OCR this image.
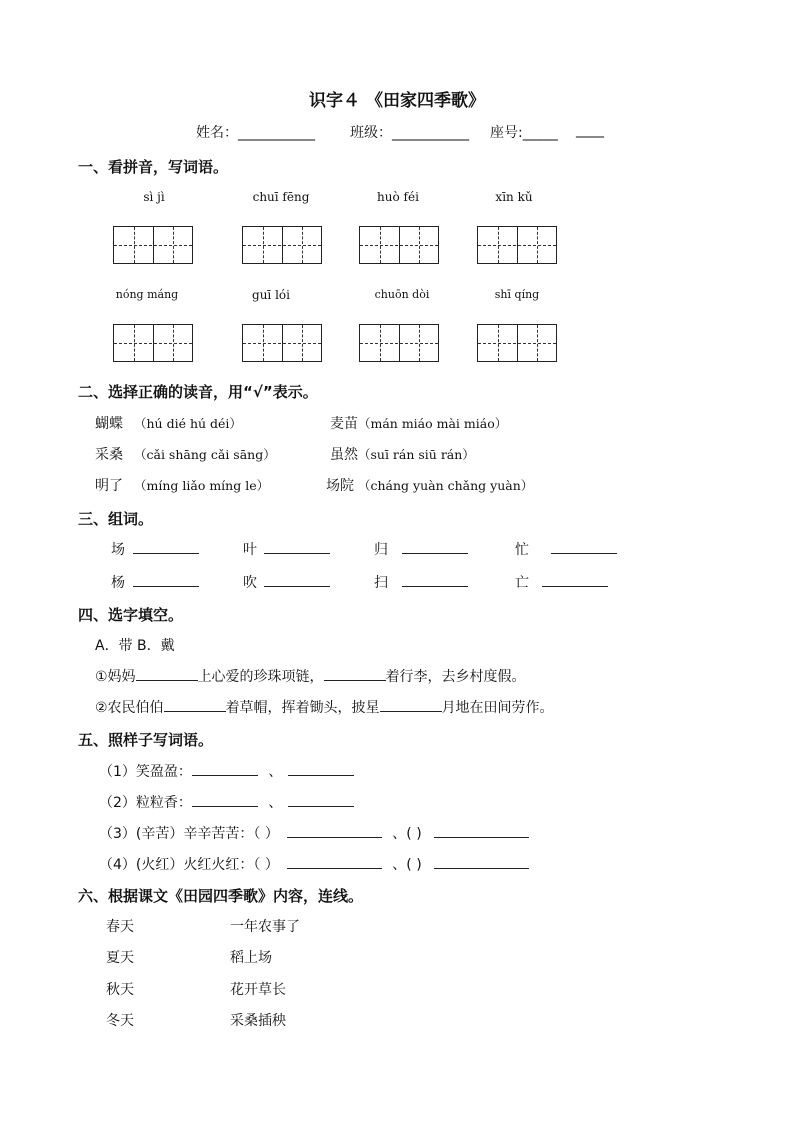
识字４ 《田家四季歌》
姓名：___________	班级：___________ 座号:_____ ____
一、看拼音，写词语。
sì jì	chuī fēng	huò féi	xīn kǔ
nóng máng	guī lói	chuōn dòi	shī qíng
二、选择正确的读音，用“√”表示。
蝴蝶 （hú dié hú déi）	麦苗 （mán miáo mài miáo）
采桑 （cǎi shāng cǎi sāng）	虽然 （suī rán siū rán）
明了 （míng liǎo míng le）	场院 （cháng yuàn chǎng yuàn）
三、组词。
场	叶	归	忙
杨	吹	扫	亡
四、选字填空。
A．带 B．戴
①妈妈	上心爱的珍珠项链，	着行李，去乡村度假。
②农民伯伯	着草帽，挥着锄头，披星	月地在田间劳作。
五、照样子写词语。
（1）笑盈盈：	、
（2）粒粒香：	、
（3）(辛苦）辛辛苦苦：（ ）	、( )
（4）(火红）火红火红：（ ）	、( )
六、根据课文《田园四季歌》内容，连线。
春天	一年农事了
夏天	稻上场
秋天	花开草长
冬天	采桑插秧
